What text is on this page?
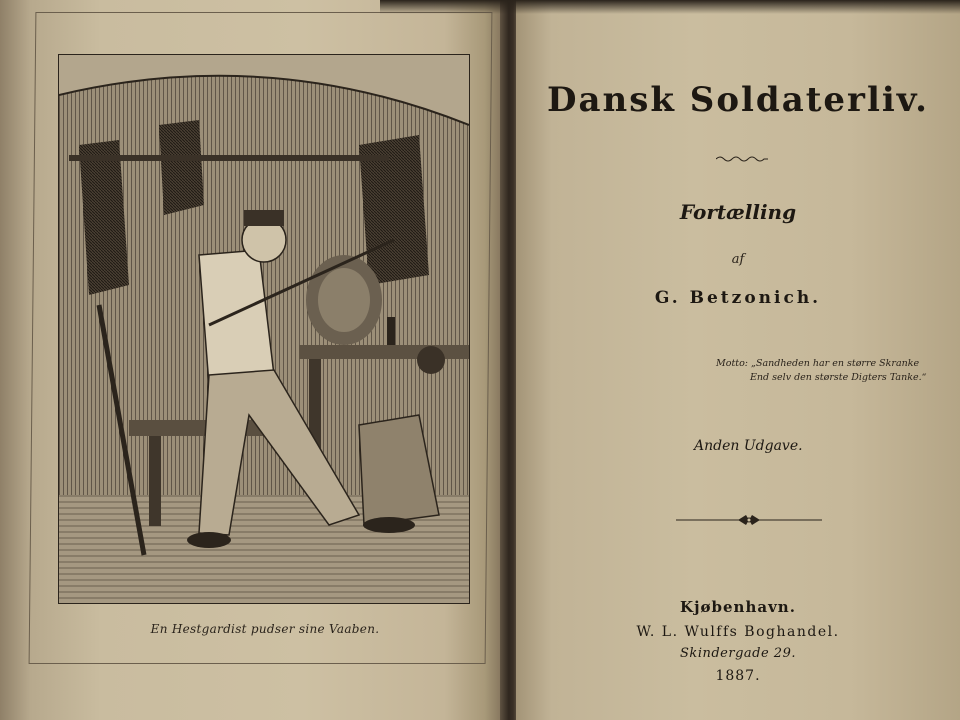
En Hestgardist pudser sine Vaaben.
Dansk Soldaterliv.
Fortælling
af
G. Betzonich.
Motto: „Sandheden har en større Skranke
End selv den største Digters Tanke.“
Anden Udgave.
Kjøbenhavn.
W. L. Wulffs Boghandel.
Skindergade 29.
1887.
